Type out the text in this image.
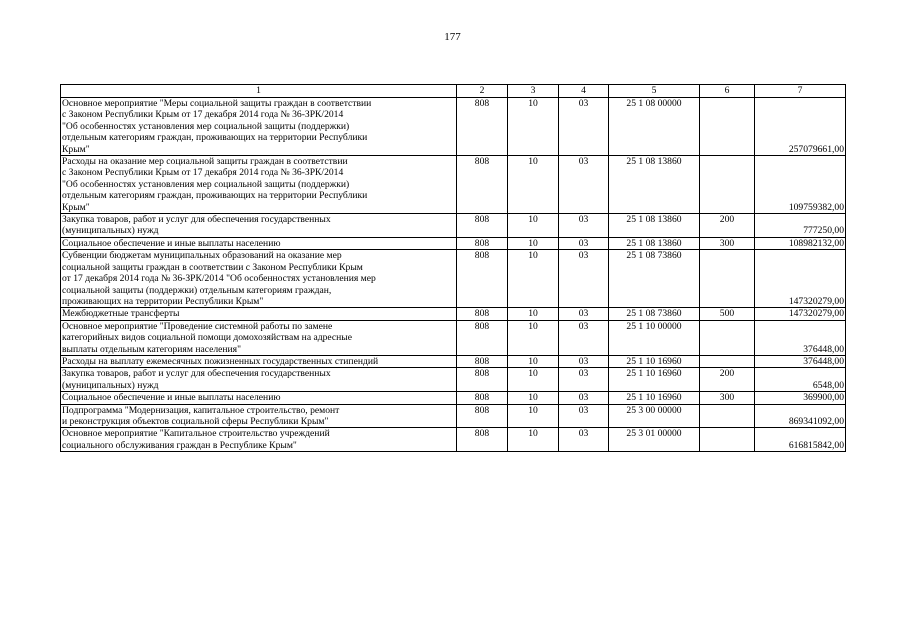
177
1	2	3	4	5	6	7
Основное мероприятие "Меры социальной защиты граждан в соответствии
с Законом Республики Крым от 17 декабря 2014 года № 36-ЗРК/2014
"Об особенностях установления мер социальной защиты (поддержки)
отдельным категориям граждан, проживающих на территории Республики
Крым"	808	10	03	25 1 08 00000		257079661,00
Расходы на оказание мер социальной защиты граждан в соответствии
с Законом Республики Крым от 17 декабря 2014 года № 36-ЗРК/2014
"Об особенностях установления мер социальной защиты (поддержки)
отдельным категориям граждан, проживающих на территории Республики
Крым"	808	10	03	25 1 08 13860		109759382,00
Закупка товаров, работ и услуг для обеспечения государственных
(муниципальных) нужд	808	10	03	25 1 08 13860	200	777250,00
Социальное обеспечение и иные выплаты населению	808	10	03	25 1 08 13860	300	108982132,00
Субвенции бюджетам муниципальных образований на оказание мер
социальной защиты граждан в соответствии с Законом Республики Крым
от 17 декабря 2014 года № 36-ЗРК/2014 "Об особенностях установления мер
социальной защиты (поддержки) отдельным категориям граждан,
проживающих на территории Республики Крым"	808	10	03	25 1 08 73860		147320279,00
Межбюджетные трансферты	808	10	03	25 1 08 73860	500	147320279,00
Основное мероприятие "Проведение системной работы по замене
категорийных видов социальной помощи домохозяйствам на адресные
выплаты отдельным категориям населения"	808	10	03	25 1 10 00000		376448,00
Расходы на выплату ежемесячных пожизненных государственных стипендий	808	10	03	25 1 10 16960		376448,00
Закупка товаров, работ и услуг для обеспечения государственных
(муниципальных) нужд	808	10	03	25 1 10 16960	200	6548,00
Социальное обеспечение и иные выплаты населению	808	10	03	25 1 10 16960	300	369900,00
Подпрограмма "Модернизация, капитальное строительство, ремонт
и реконструкция объектов социальной сферы Республики Крым"	808	10	03	25 3 00 00000		869341092,00
Основное мероприятие "Капитальное строительство учреждений
социального обслуживания граждан в Республике Крым"	808	10	03	25 3 01 00000		616815842,00
